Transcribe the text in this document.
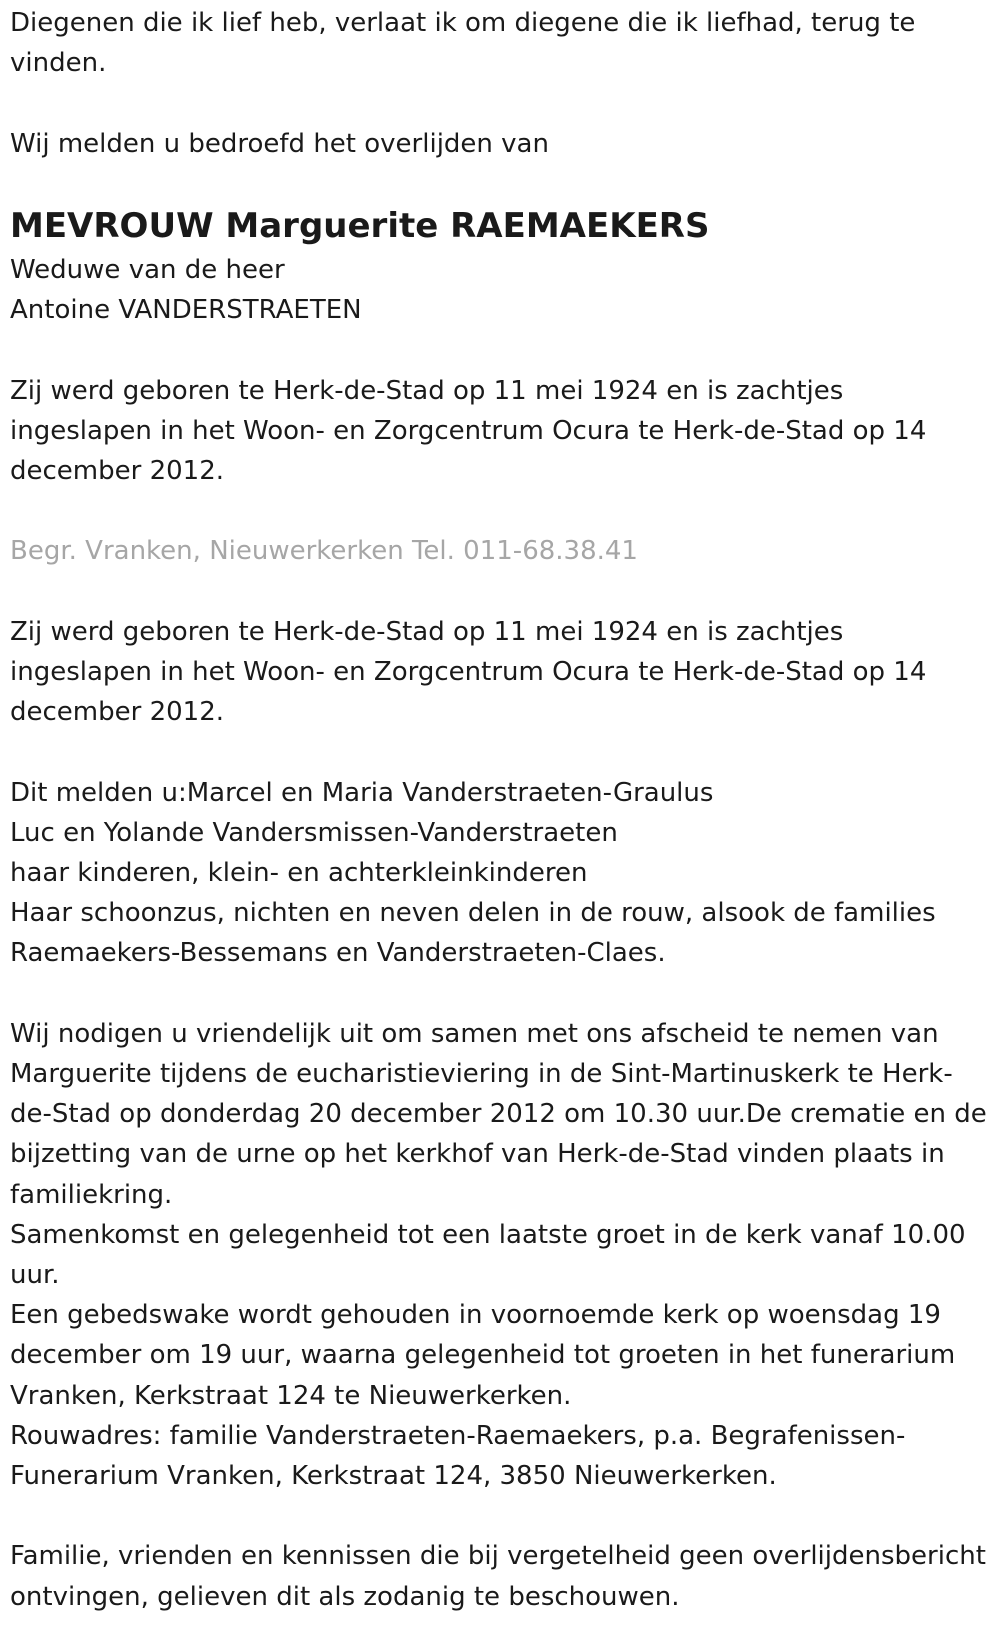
Diegenen die ik lief heb, verlaat ik om diegene die ik liefhad, terug te vinden.
Wij melden u bedroefd het overlijden van
MEVROUW Marguerite RAEMAEKERS
Weduwe van de heer
Antoine VANDERSTRAETEN
Zij werd geboren te Herk-de-Stad op 11 mei 1924 en is zachtjes ingeslapen in het Woon- en Zorgcentrum Ocura te Herk-de-Stad op 14 december 2012.
Begr. Vranken, Nieuwerkerken Tel. 011-68.38.41
Zij werd geboren te Herk-de-Stad op 11 mei 1924 en is zachtjes ingeslapen in het Woon- en Zorgcentrum Ocura te Herk-de-Stad op 14 december 2012.
Dit melden u:Marcel en Maria Vanderstraeten-Graulus
Luc en Yolande Vandersmissen-Vanderstraeten
haar kinderen, klein- en achterkleinkinderen
Haar schoonzus, nichten en neven delen in de rouw, alsook de families Raemaekers-Bessemans en Vanderstraeten-Claes.
Wij nodigen u vriendelijk uit om samen met ons afscheid te nemen van Marguerite tijdens de eucharistieviering in de Sint-Martinuskerk te Herk-de-Stad op donderdag 20 december 2012 om 10.30 uur.De crematie en de bijzetting van de urne op het kerkhof van Herk-de-Stad vinden plaats in familiekring.
Samenkomst en gelegenheid tot een laatste groet in de kerk vanaf 10.00 uur.
Een gebedswake wordt gehouden in voornoemde kerk op woensdag 19 december om 19 uur, waarna gelegenheid tot groeten in het funerarium Vranken, Kerkstraat 124 te Nieuwerkerken.
Rouwadres: familie Vanderstraeten-Raemaekers, p.a. Begrafenissen-Funerarium Vranken, Kerkstraat 124, 3850 Nieuwerkerken.
Familie, vrienden en kennissen die bij vergetelheid geen overlijdensbericht ontvingen, gelieven dit als zodanig te beschouwen.
